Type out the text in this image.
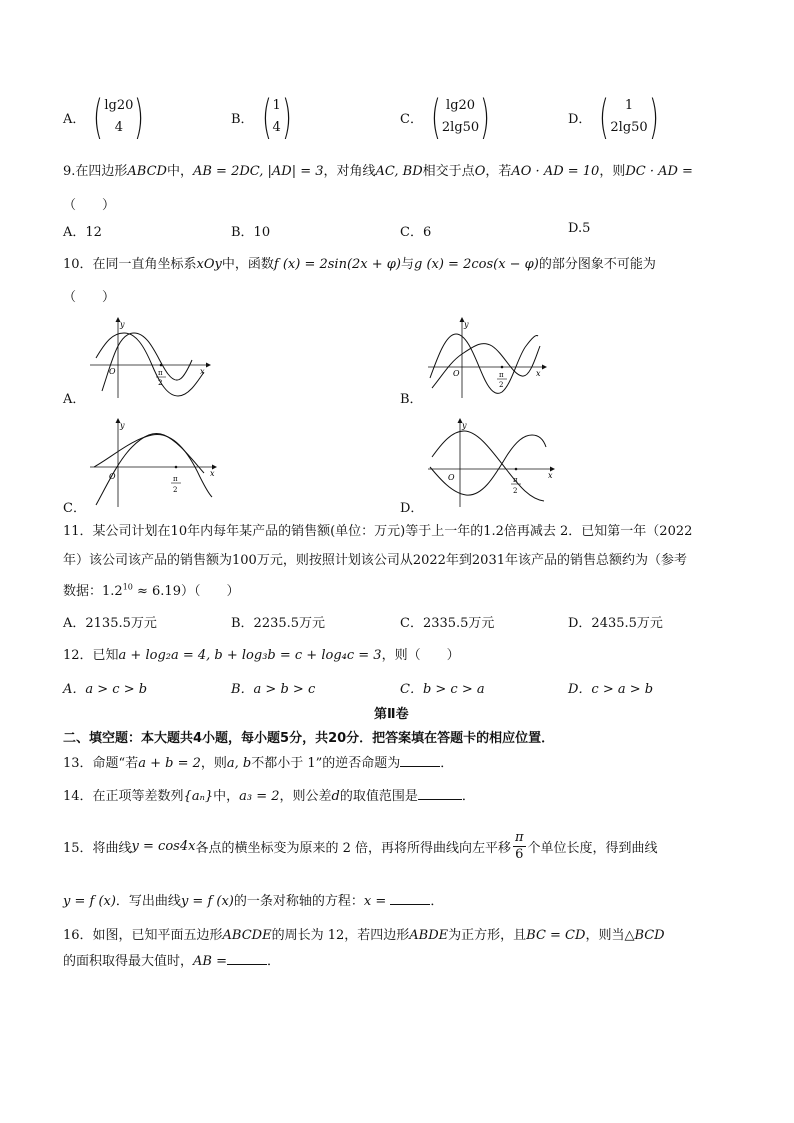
A． ( lg20
4 )	B． ( 1
4 )	C． ( lg20
2lg50 )	D． ( 1
2lg50 )
9.在四边形ABCD中，AB = 2DC, |AD| = 3，对角线AC, BD相交于点O，若AO · AD = 10，则DC · AD =
（　　）
A．12	B．10	C．6	D.5
10．在同一直角坐标系xOy中，函数f (x) = 2sin(2x + φ)与g (x) = 2cos(x − φ)的部分图象不可能为
（　　）
A．
y
x
O	π
2
B．
y
x
O	π
2
C．
y
x
O	π
2
D．
y
x
O	π
2
11．某公司计划在10年内每年某产品的销售额(单位：万元)等于上一年的1.2倍再减去 2．已知第一年（2022
年）该公司该产品的销售额为100万元，则按照计划该公司从2022年到2031年该产品的销售总额约为（参考
数据：$1.2^{10} \approx 6.19$）（　　）
A．2135.5万元	B．2235.5万元	C．2335.5万元	D．2435.5万元
12．已知a + log₂a = 4, b + log₃b = c + log₄c = 3，则（　　）
A．a > c > b	B．a > b > c	C．b > c > a	D．c > a > b
第Ⅱ卷
二、填空题：本大题共4小题，每小题5分，共20分．把答案填在答题卡的相应位置．
13．命题“若a + b = 2，则a, b不都小于 1”的逆否命题为	．
14．在正项等差数列{aₙ}中，a₃ = 2，则公差d的取值范围是	．
15．将曲线 y = cos4x 各点的横坐标变为原来的 2 倍，再将所得曲线向左平移 $\frac{\pi}{6}$ 个单位长度，得到曲线
y = f (x)．写出曲线y = f (x)的一条对称轴的方程：x =	．
16．如图，已知平面五边形ABCDE的周长为 12，若四边形ABDE为正方形，且BC = CD，则当△BCD
的面积取得最大值时，AB =	．
